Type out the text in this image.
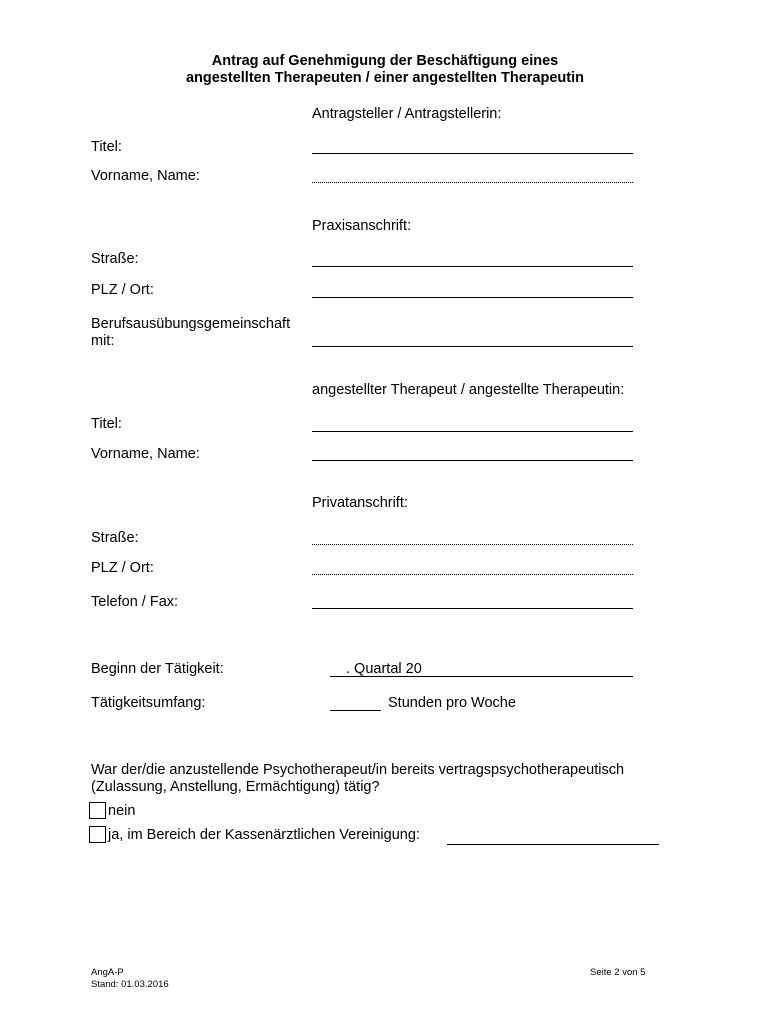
Antrag auf Genehmigung der Beschäftigung eines
angestellten Therapeuten / einer angestellten Therapeutin
Antragsteller / Antragstellerin:
Titel:
Vorname, Name:
Praxisanschrift:
Straße:
PLZ / Ort:
Berufsausübungsgemeinschaft
mit:
angestellter Therapeut / angestellte Therapeutin:
Titel:
Vorname, Name:
Privatanschrift:
Straße:
PLZ / Ort:
Telefon / Fax:
Beginn der Tätigkeit:	. Quartal 20
Tätigkeitsumfang:	Stunden pro Woche
War der/die anzustellende Psychotherapeut/in bereits vertragspsychotherapeutisch
(Zulassung, Anstellung, Ermächtigung) tätig?
nein
ja, im Bereich der Kassenärztlichen Vereinigung:
AngA-P
Stand: 01.03.2016
Seite 2 von 5
